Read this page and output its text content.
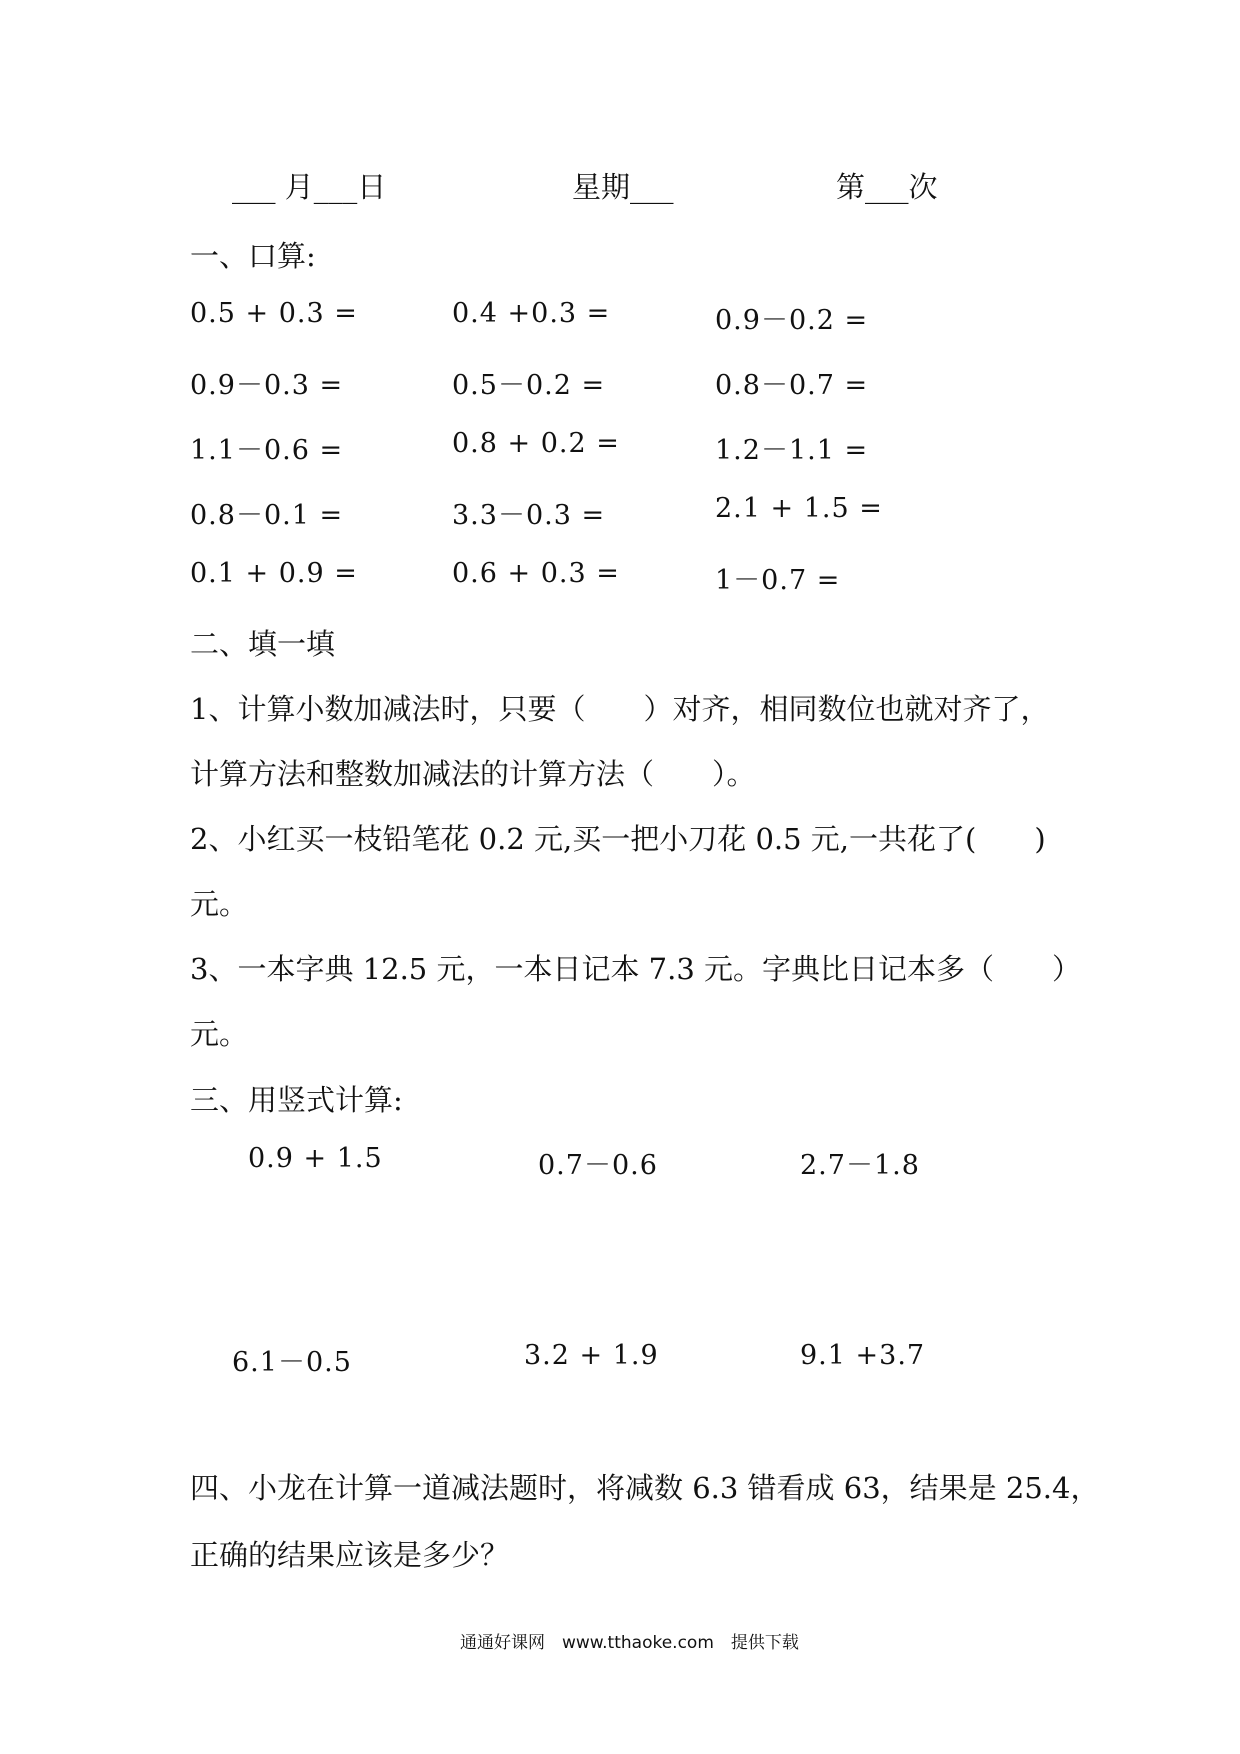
___ 月___日	星期___	第___次
一、口算:
0.5 + 0.3 =	0.4 +0.3 =	0.9－0.2 =
0.9－0.3 =	0.5－0.2 =	0.8－0.7 =
1.1－0.6 =	0.8 + 0.2 =	1.2－1.1 =
0.8－0.1 =	3.3－0.3 =	2.1 + 1.5 =
0.1 + 0.9 =	0.6 + 0.3 =	1－0.7 =
二、填一填
1、计算小数加减法时，只要（　　）对齐，相同数位也就对齐了，
计算方法和整数加减法的计算方法（　　）。
2、小红买一枝铅笔花 0.2 元,买一把小刀花 0.5 元,一共花了(　　)
元。
3、一本字典 12.5 元，一本日记本 7.3 元。字典比日记本多（　　）
元。
三、用竖式计算:
0.9 + 1.5	0.7－0.6	2.7－1.8
6.1－0.5	3.2 + 1.9	9.1 +3.7
四、小龙在计算一道减法题时，将减数 6.3 错看成 63，结果是 25.4，
正确的结果应该是多少？
通通好课网　www.tthaoke.com　提供下载
